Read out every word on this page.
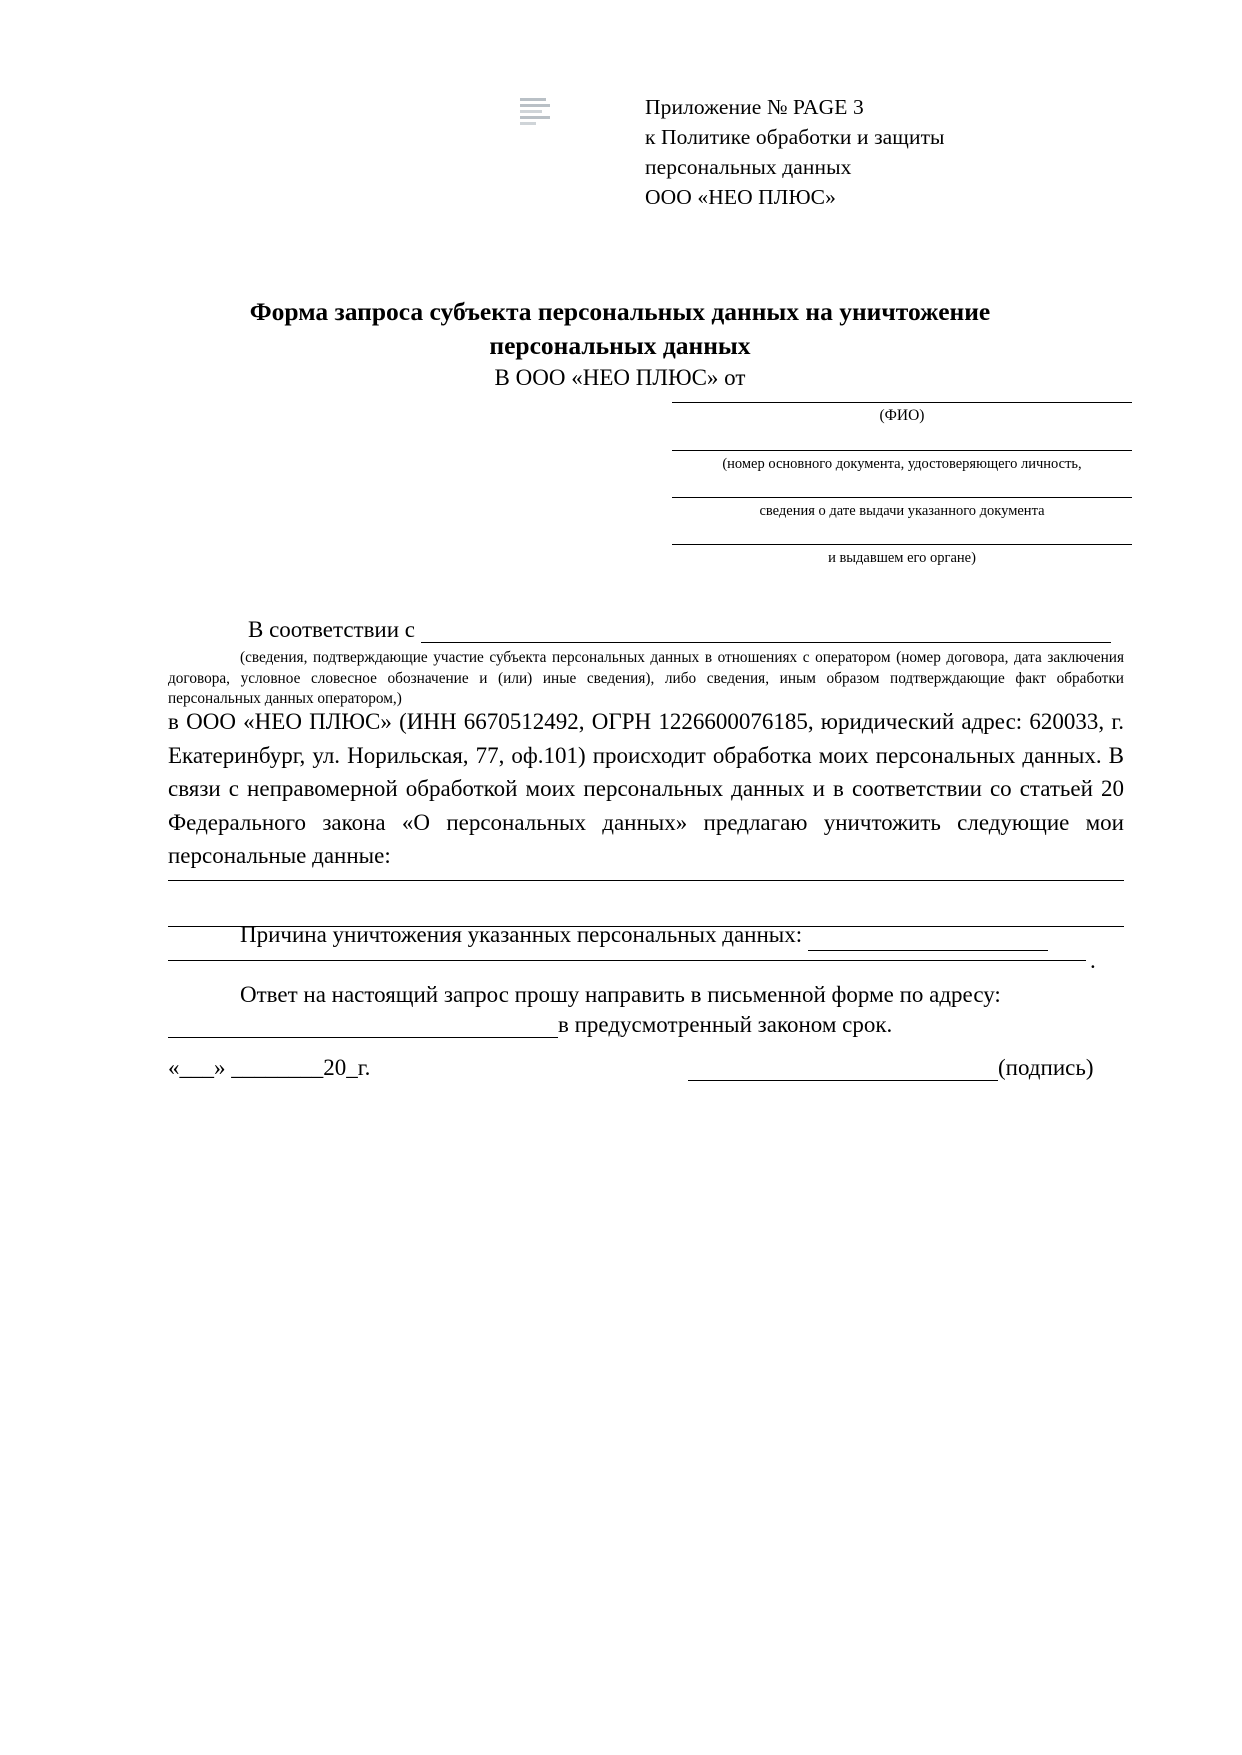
Приложение № PAGE 3
к Политике обработки и защиты
персональных данных
ООО «НЕО ПЛЮС»
Форма запроса субъекта персональных данных на уничтожение
персональных данных
В ООО «НЕО ПЛЮС» от
(ФИО)
(номер основного документа, удостоверяющего личность,
сведения о дате выдачи указанного документа
и выдавшем его органе)
В соответствии с
(сведения, подтверждающие участие субъекта персональных данных в отношениях с оператором (номер договора, дата заключения договора, условное словесное обозначение и (или) иные сведения), либо сведения, иным образом подтверждающие факт обработки персональных данных оператором,)
в ООО «НЕО ПЛЮС» (ИНН 6670512492, ОГРН 1226600076185, юридический адрес: 620033, г. Екатеринбург, ул. Норильская, 77, оф.101) происходит обработка моих персональных данных. В связи с неправомерной обработкой моих персональных данных и в соответствии со статьей 20 Федерального закона «О персональных данных» предлагаю уничтожить следующие мои персональные данные:
Причина уничтожения указанных персональных данных:
.
Ответ на настоящий запрос прошу направить в письменной форме по адресу:
в предусмотренный законом срок.
«___» ________20_г.	(подпись)
